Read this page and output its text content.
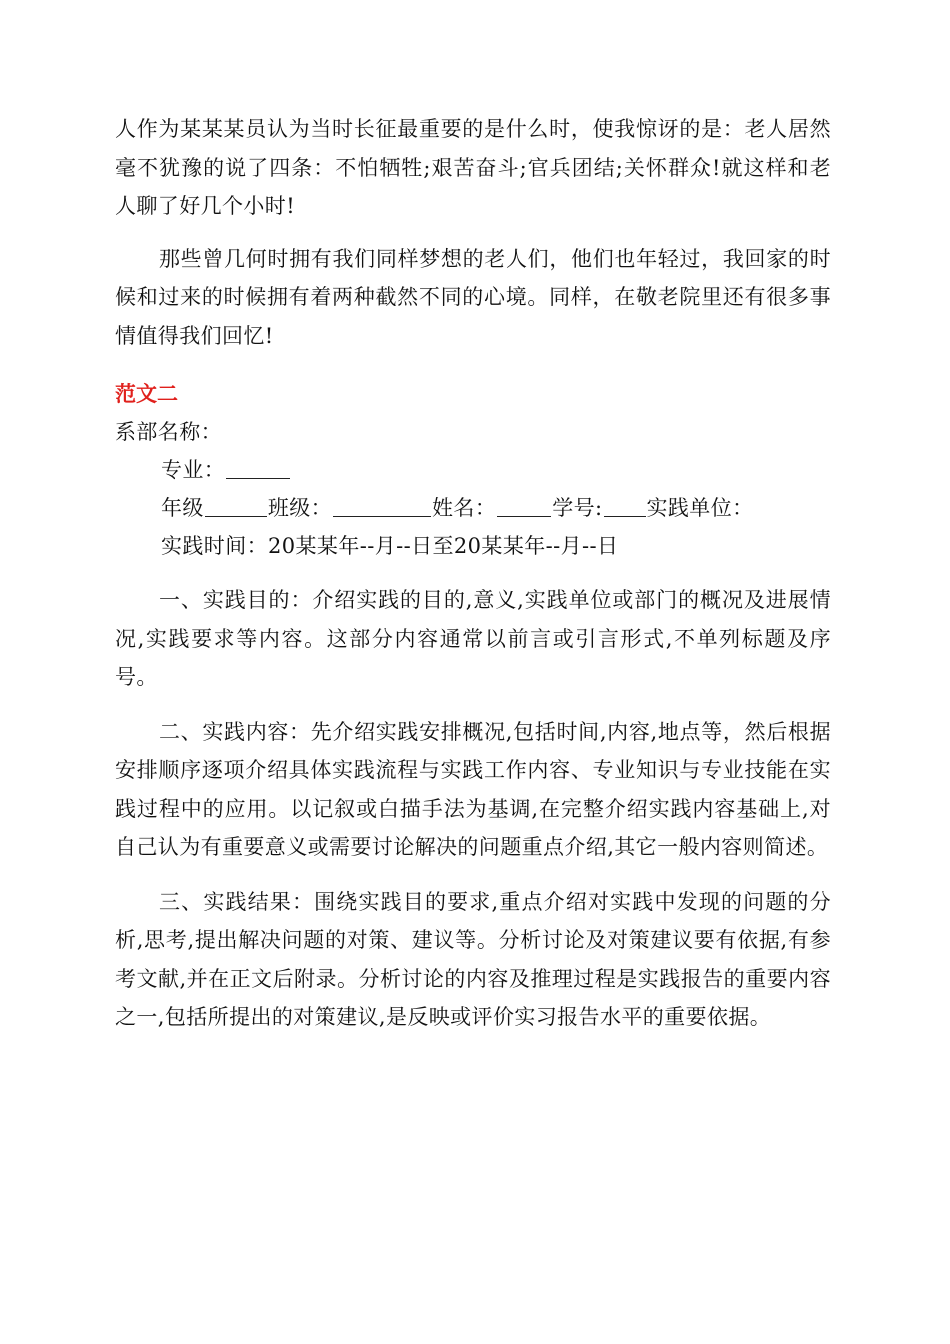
人作为某某某员认为当时长征最重要的是什么时，使我惊讶的是：老人居然毫不犹豫的说了四条：不怕牺牲;艰苦奋斗;官兵团结;关怀群众!就这样和老人聊了好几个小时!

那些曾几何时拥有我们同样梦想的老人们，他们也年轻过，我回家的时候和过来的时候拥有着两种截然不同的心境。同样，在敬老院里还有很多事情值得我们回忆!

范文二

系部名称：

专业：

年级	班级：	姓名：	学号: 实践单位：

实践时间：20某某年--月--日至20某某年--月--日

一、实践目的：介绍实践的目的,意义,实践单位或部门的概况及进展情况,实践要求等内容。这部分内容通常以前言或引言形式,不单列标题及序号。

二、实践内容：先介绍实践安排概况,包括时间,内容,地点等，然后根据安排顺序逐项介绍具体实践流程与实践工作内容、专业知识与专业技能在实践过程中的应用。以记叙或白描手法为基调,在完整介绍实践内容基础上,对自己认为有重要意义或需要讨论解决的问题重点介绍,其它一般内容则简述。

三、实践结果：围绕实践目的要求,重点介绍对实践中发现的问题的分析,思考,提出解决问题的对策、建议等。分析讨论及对策建议要有依据,有参考文献,并在正文后附录。分析讨论的内容及推理过程是实践报告的重要内容之一,包括所提出的对策建议,是反映或评价实习报告水平的重要依据。
